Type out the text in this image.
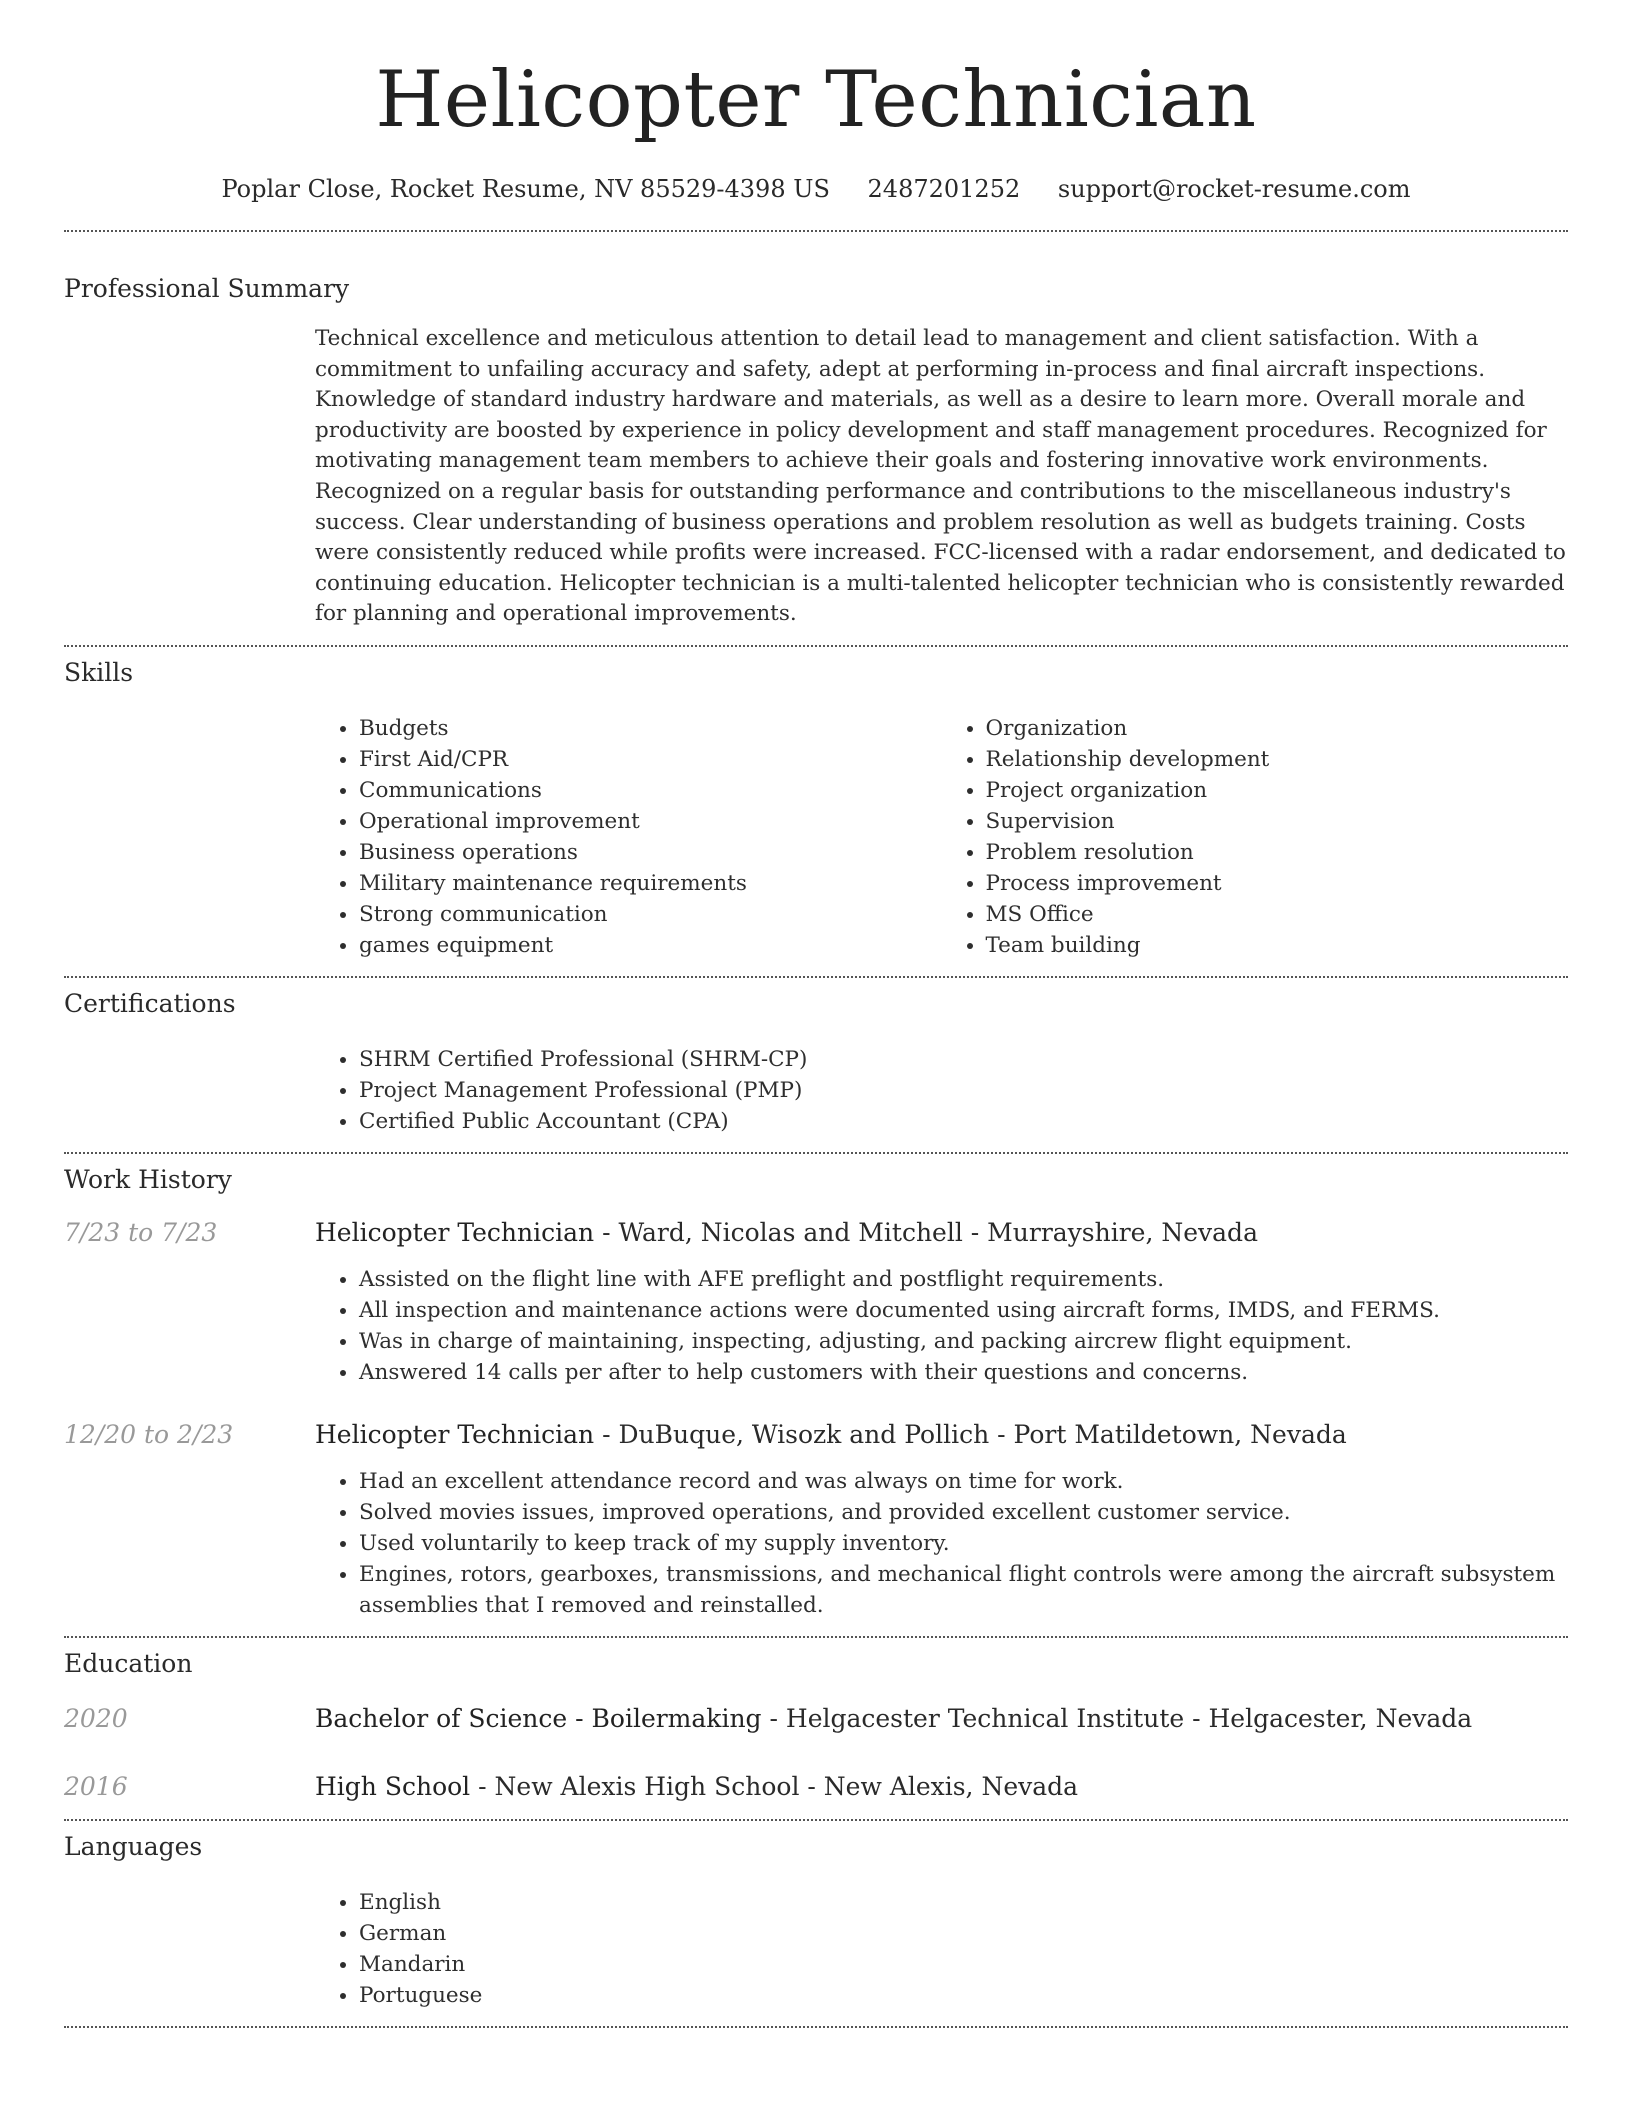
Helicopter Technician
Poplar Close, Rocket Resume, NV 85529-4398 US 2487201252 support@rocket-resume.com
Professional Summary
Technical excellence and meticulous attention to detail lead to management and client satisfaction. With a commitment to unfailing accuracy and safety, adept at performing in-process and final aircraft inspections. Knowledge of standard industry hardware and materials, as well as a desire to learn more. Overall morale and productivity are boosted by experience in policy development and staff management procedures. Recognized for motivating management team members to achieve their goals and fostering innovative work environments. Recognized on a regular basis for outstanding performance and contributions to the miscellaneous industry's success. Clear understanding of business operations and problem resolution as well as budgets training. Costs were consistently reduced while profits were increased. FCC-licensed with a radar endorsement, and dedicated to continuing education. Helicopter technician is a multi-talented helicopter technician who is consistently rewarded for planning and operational improvements.
Skills
• Budgets
• First Aid/CPR
• Communications
• Operational improvement
• Business operations
• Military maintenance requirements
• Strong communication
• games equipment
• Organization
• Relationship development
• Project organization
• Supervision
• Problem resolution
• Process improvement
• MS Office
• Team building
Certifications
• SHRM Certified Professional (SHRM-CP)
• Project Management Professional (PMP)
• Certified Public Accountant (CPA)
Work History
7/23 to 7/23	Helicopter Technician - Ward, Nicolas and Mitchell - Murrayshire, Nevada
• Assisted on the flight line with AFE preflight and postflight requirements.
• All inspection and maintenance actions were documented using aircraft forms, IMDS, and FERMS.
• Was in charge of maintaining, inspecting, adjusting, and packing aircrew flight equipment.
• Answered 14 calls per after to help customers with their questions and concerns.
12/20 to 2/23	Helicopter Technician - DuBuque, Wisozk and Pollich - Port Matildetown, Nevada
• Had an excellent attendance record and was always on time for work.
• Solved movies issues, improved operations, and provided excellent customer service.
• Used voluntarily to keep track of my supply inventory.
• Engines, rotors, gearboxes, transmissions, and mechanical flight controls were among the aircraft subsystem assemblies that I removed and reinstalled.
Education
2020	Bachelor of Science - Boilermaking - Helgacester Technical Institute - Helgacester, Nevada
2016	High School - New Alexis High School - New Alexis, Nevada
Languages
• English
• German
• Mandarin
• Portuguese
